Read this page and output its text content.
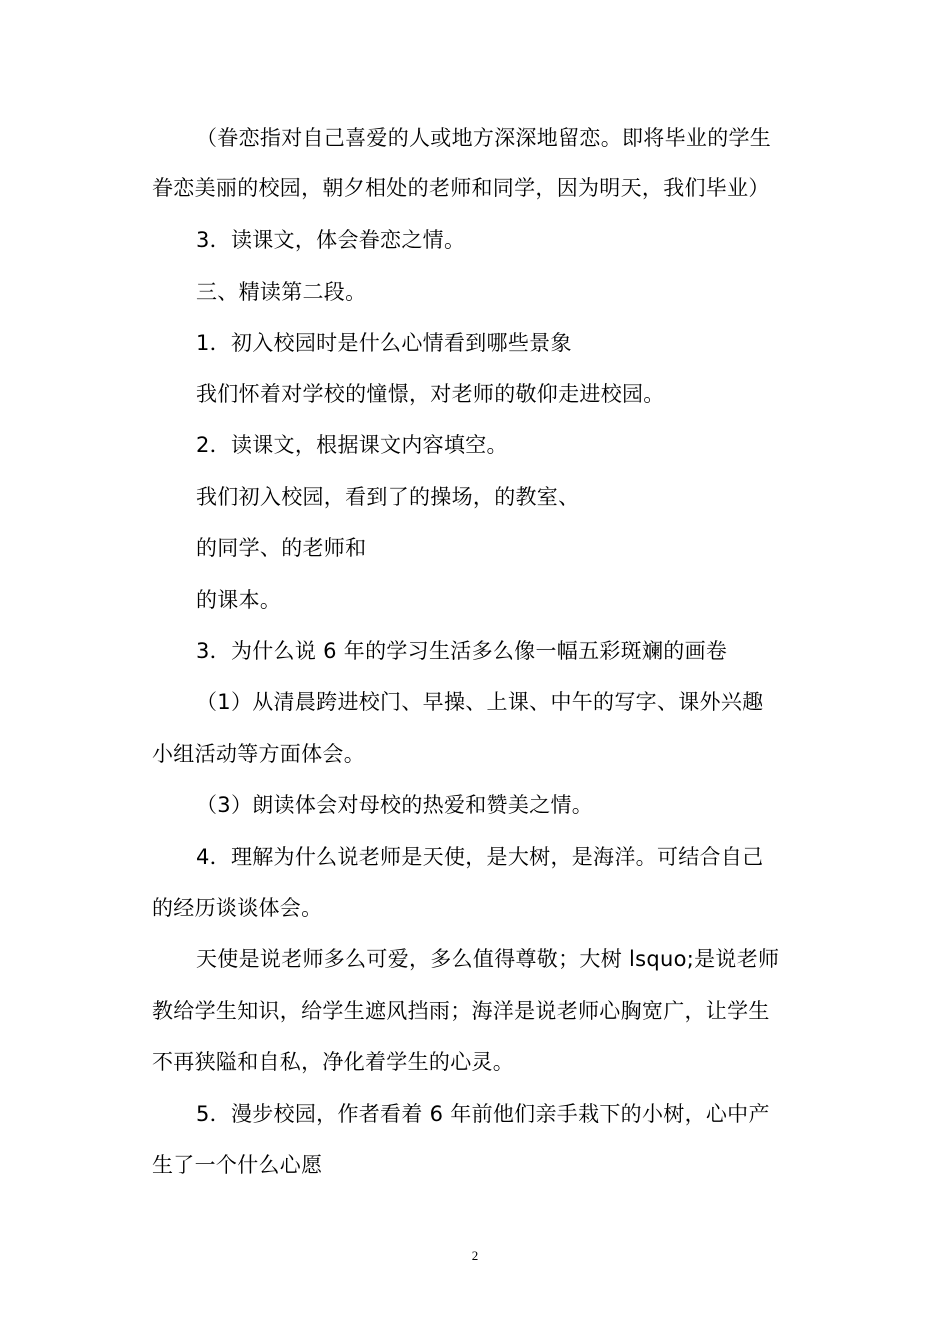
（眷恋指对自己喜爱的人或地方深深地留恋。即将毕业的学生
眷恋美丽的校园，朝夕相处的老师和同学，因为明天，我们毕业）
3．读课文，体会眷恋之情。
三、精读第二段。
1．初入校园时是什么心情看到哪些景象
我们怀着对学校的憧憬，对老师的敬仰走进校园。
2．读课文，根据课文内容填空。
我们初入校园，看到了的操场，的教室、
的同学、的老师和
的课本。
3．为什么说 6 年的学习生活多么像一幅五彩斑斓的画卷
（1）从清晨跨进校门、早操、上课、中午的写字、课外兴趣
小组活动等方面体会。
（3）朗读体会对母校的热爱和赞美之情。
4．理解为什么说老师是天使，是大树，是海洋。可结合自己
的经历谈谈体会。
天使是说老师多么可爱，多么值得尊敬；大树 lsquo;是说老师
教给学生知识，给学生遮风挡雨；海洋是说老师心胸宽广，让学生
不再狭隘和自私，净化着学生的心灵。
5．漫步校园，作者看着 6 年前他们亲手栽下的小树，心中产
生了一个什么心愿
2
